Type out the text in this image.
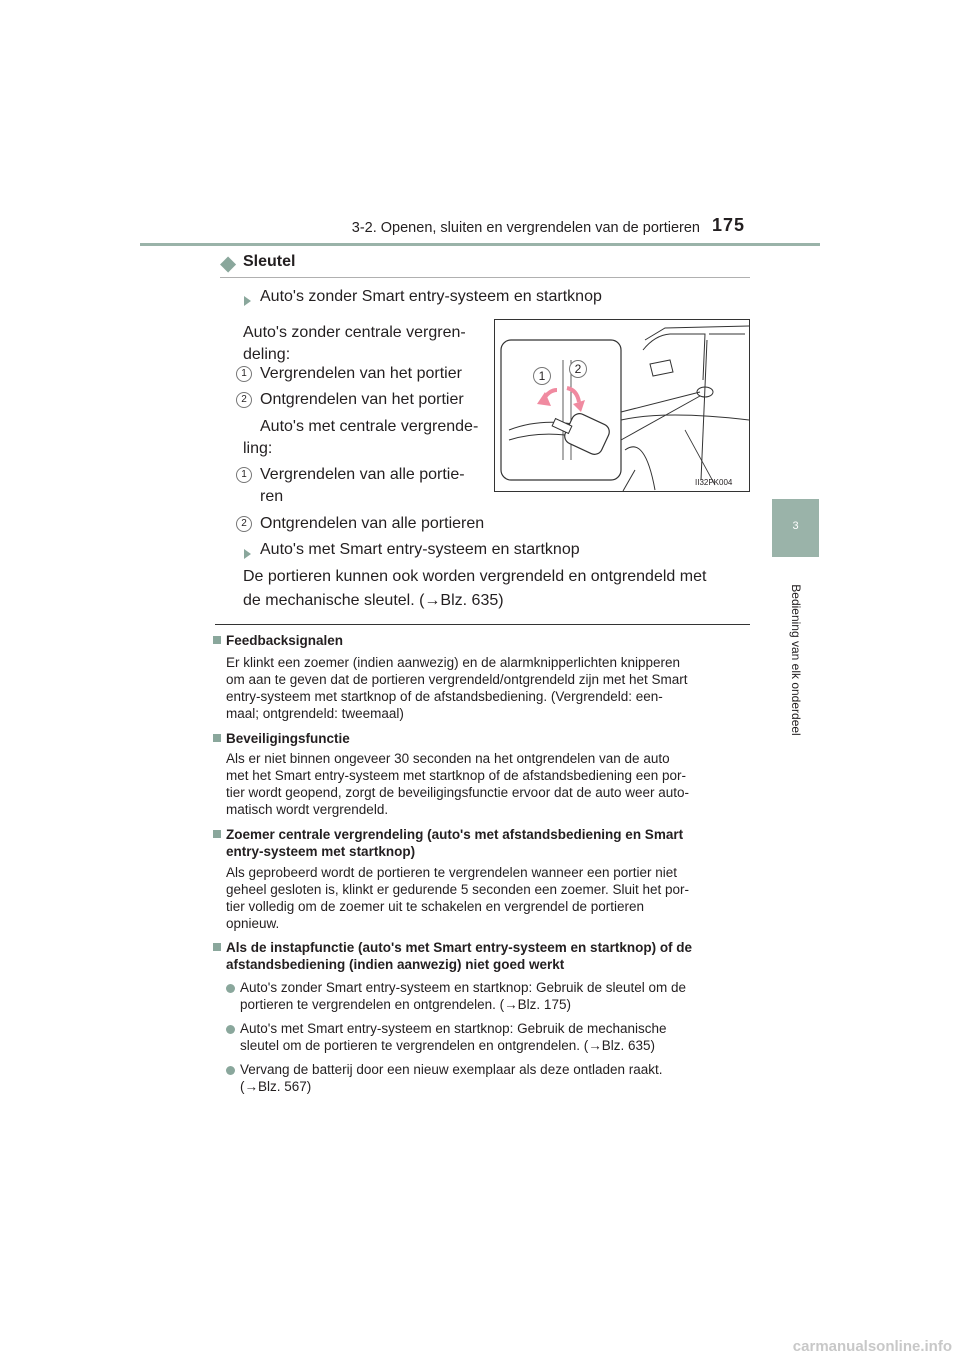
3-2. Openen, sluiten en vergrendelen van de portieren 175
3
Bediening van elk onderdeel
◆ Sleutel
Auto's zonder Smart entry-systeem en startknop
Auto's zonder centrale vergren-
deling:
1 Vergrendelen van het portier
2 Ontgrendelen van het portier
Auto's met centrale vergrende-
ling:
1 Vergrendelen van alle portie-
ren
2 Ontgrendelen van alle portieren
1	2
II32PK004
Auto's met Smart entry-systeem en startknop
De portieren kunnen ook worden vergrendeld en ontgrendeld met
de mechanische sleutel. (→Blz. 635)
Feedbacksignalen
Er klinkt een zoemer (indien aanwezig) en de alarmknipperlichten knipperen
om aan te geven dat de portieren vergrendeld/ontgrendeld zijn met het Smart
entry-systeem met startknop of de afstandsbediening. (Vergrendeld: een-
maal; ontgrendeld: tweemaal)
Beveiligingsfunctie
Als er niet binnen ongeveer 30 seconden na het ontgrendelen van de auto
met het Smart entry-systeem met startknop of de afstandsbediening een por-
tier wordt geopend, zorgt de beveiligingsfunctie ervoor dat de auto weer auto-
matisch wordt vergrendeld.
Zoemer centrale vergrendeling (auto's met afstandsbediening en Smart
entry-systeem met startknop)
Als geprobeerd wordt de portieren te vergrendelen wanneer een portier niet
geheel gesloten is, klinkt er gedurende 5 seconden een zoemer. Sluit het por-
tier volledig om de zoemer uit te schakelen en vergrendel de portieren
opnieuw.
Als de instapfunctie (auto's met Smart entry-systeem en startknop) of de
afstandsbediening (indien aanwezig) niet goed werkt
Auto's zonder Smart entry-systeem en startknop: Gebruik de sleutel om de
portieren te vergrendelen en ontgrendelen. (→Blz. 175)
Auto's met Smart entry-systeem en startknop: Gebruik de mechanische
sleutel om de portieren te vergrendelen en ontgrendelen. (→Blz. 635)
Vervang de batterij door een nieuw exemplaar als deze ontladen raakt.
(→Blz. 567)
carmanualsonline.info
